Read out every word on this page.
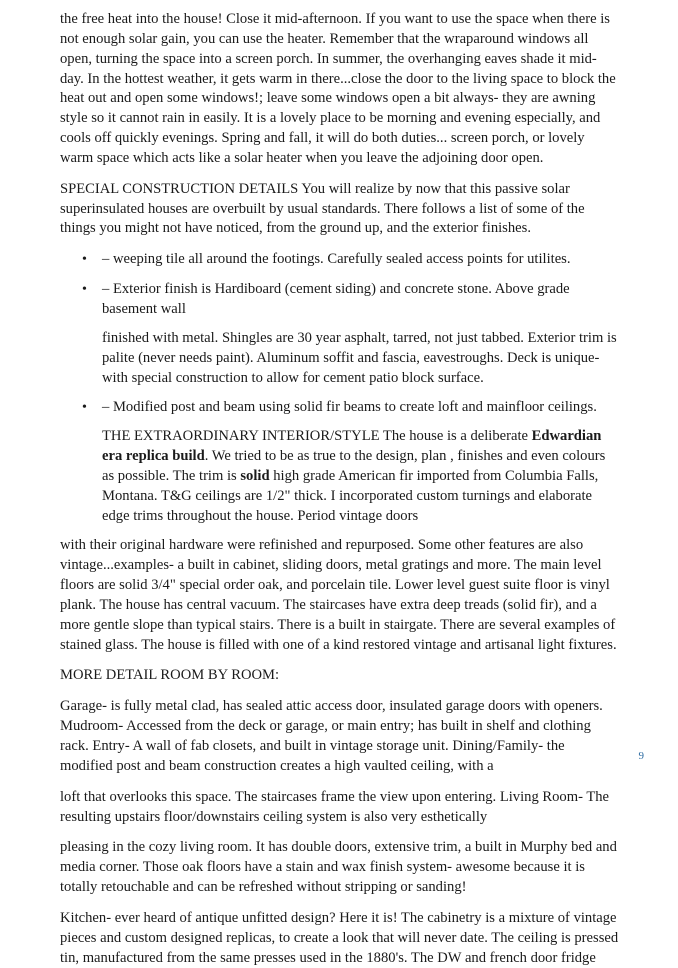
the free heat into the house! Close it mid-afternoon. If you want to use the space when there is not enough solar gain, you can use the heater. Remember that the wraparound windows all open, turning the space into a screen porch. In summer, the overhanging eaves shade it mid-day. In the hottest weather, it gets warm in there...close the door to the living space to block the heat out and open some windows!; leave some windows open a bit always- they are awning style so it cannot rain in easily. It is a lovely place to be morning and evening especially, and cools off quickly evenings. Spring and fall, it will do both duties... screen porch, or lovely warm space which acts like a solar heater when you leave the adjoining door open.

SPECIAL CONSTRUCTION DETAILS You will realize by now that this passive solar superinsulated houses are overbuilt by usual standards. There follows a list of some of the things you might not have noticed, from the ground up, and the exterior finishes.

• – weeping tile all around the footings. Carefully sealed access points for utilites.
• – Exterior finish is Hardiboard (cement siding) and concrete stone. Above grade basement wall
finished with metal. Shingles are 30 year asphalt, tarred, not just tabbed. Exterior trim is palite (never needs paint). Aluminum soffit and fascia, eavestroughs. Deck is unique- with special construction to allow for cement patio block surface.
• – Modified post and beam using solid fir beams to create loft and mainfloor ceilings.
THE EXTRAORDINARY INTERIOR/STYLE The house is a deliberate Edwardian era replica build. We tried to be as true to the design, plan , finishes and even colours as possible. The trim is solid high grade American fir imported from Columbia Falls, Montana. T&G ceilings are 1/2" thick. I incorporated custom turnings and elaborate edge trims throughout the house. Period vintage doors

with their original hardware were refinished and repurposed. Some other features are also vintage...examples- a built in cabinet, sliding doors, metal gratings and more. The main level floors are solid 3/4" special order oak, and porcelain tile. Lower level guest suite floor is vinyl plank. The house has central vacuum. The staircases have extra deep treads (solid fir), and a more gentle slope than typical stairs. There is a built in stairgate. There are several examples of stained glass. The house is filled with one of a kind restored vintage and artisanal light fixtures.

MORE DETAIL ROOM BY ROOM:

Garage- is fully metal clad, has sealed attic access door, insulated garage doors with openers. Mudroom- Accessed from the deck or garage, or main entry; has built in shelf and clothing rack. Entry- A wall of fab closets, and built in vintage storage unit. Dining/Family- the modified post and beam construction creates a high vaulted ceiling, with a

loft that overlooks this space. The staircases frame the view upon entering. Living Room- The resulting upstairs floor/downstairs ceiling system is also very esthetically

pleasing in the cozy living room. It has double doors, extensive trim, a built in Murphy bed and media corner. Those oak floors have a stain and wax finish system- awesome because it is totally retouchable and can be refreshed without stripping or sanding!

Kitchen- ever heard of antique unfitted design? Here it is! The cabinetry is a mixture of vintage pieces and custom designed replicas, to create a look that will never date. The ceiling is pressed tin, manufactured from the same presses used in the 1880's. The DW and french door fridge

9
